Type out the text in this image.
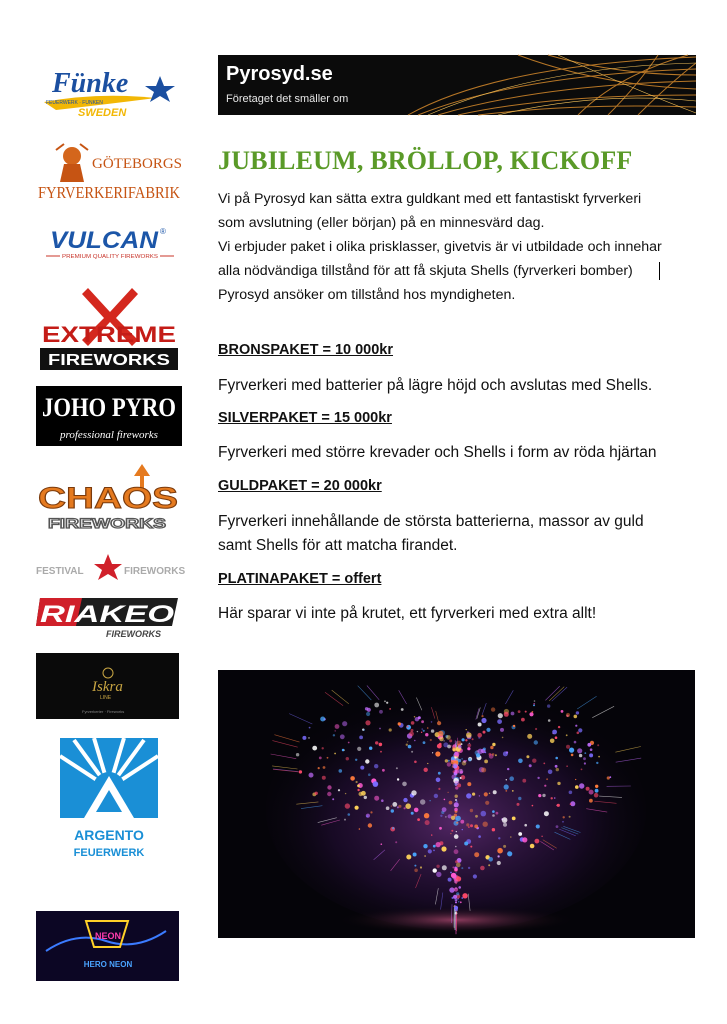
Fünke
SWEDEN
FEUERWERK · FUNKEN
GÖTEBORGS
FYRVERKERIFABRIK
VULCAN ®
PREMIUM QUALITY FIREWORKS
EXTREME
FIREWORKS
JOHO PYRO
professional fireworks
CHAOS
FIREWORKS
FESTIVAL	FIREWORKS
RIAKEO
FIREWORKS
Iskra
LINE
Fyrverkerier · Fireworks
ARGENTO
FEUERWERK
NEON
HERO NEON
Pyrosyd.se
Företaget det smäller om
JUBILEUM, BRÖLLOP, KICKOFF

Vi på Pyrosyd kan sätta extra guldkant med ett fantastiskt fyrverkeri

som avslutning (eller början) på en minnesvärd dag.

Vi erbjuder paket i olika prisklasser, givetvis är vi utbildade och innehar

alla nödvändiga tillstånd för att få skjuta Shells (fyrverkeri bomber)

Pyrosyd ansöker om tillstånd hos myndigheten.

BRONSPAKET = 10 000kr

Fyrverkeri med batterier på lägre höjd och avslutas med Shells.

SILVERPAKET = 15 000kr

Fyrverkeri med större krevader och Shells i form av röda hjärtan

GULDPAKET = 20 000kr

Fyrverkeri innehållande de största batterierna, massor av guld

samt Shells för att matcha firandet.

PLATINAPAKET = offert

Här sparar vi inte på krutet, ett fyrverkeri med extra allt!
